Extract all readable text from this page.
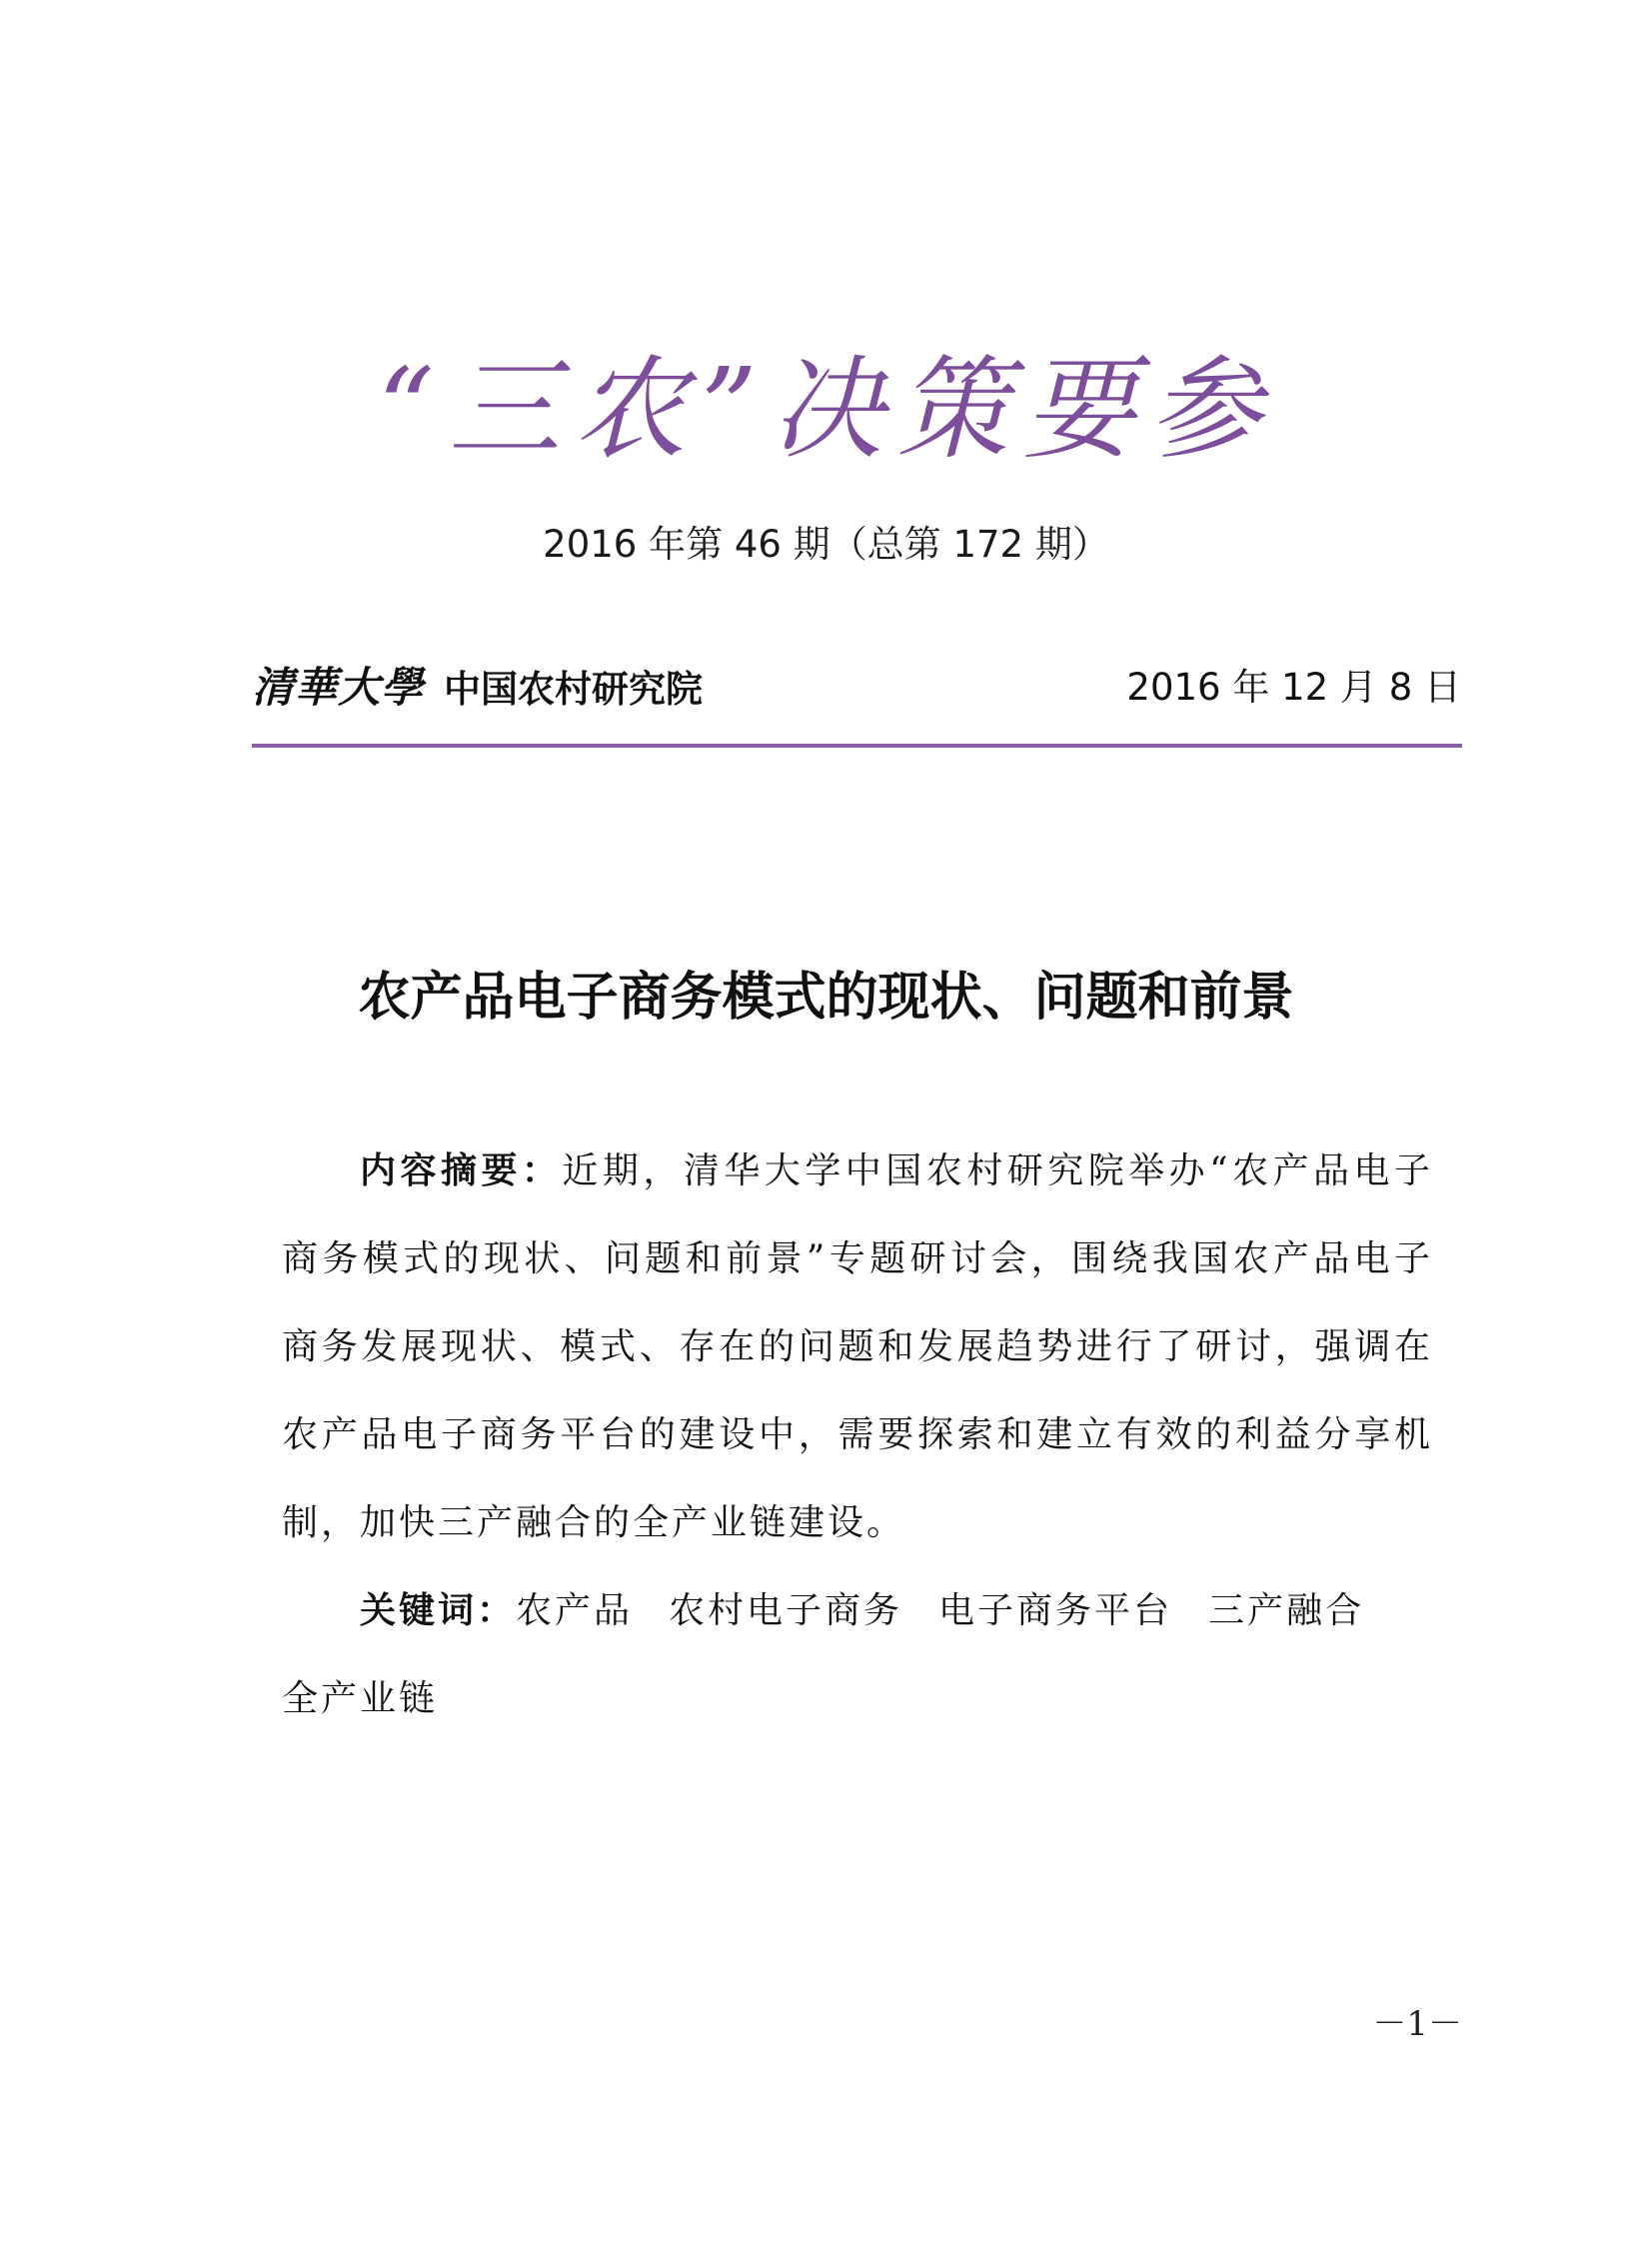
“三农”决策要参
2016 年第 46 期（总第 172 期）
清華大學 中国农村研究院	2016 年 12 月 8 日
农产品电子商务模式的现状、问题和前景
内容摘要：近期，清华大学中国农村研究院举办“农产品电子商务模式的现状、问题和前景”专题研讨会，围绕我国农产品电子商务发展现状、模式、存在的问题和发展趋势进行了研讨，强调在农产品电子商务平台的建设中，需要探索和建立有效的利益分享机制，加快三产融合的全产业链建设。
关键词：农产品 农村电子商务 电子商务平台 三产融合全产业链
－1－
